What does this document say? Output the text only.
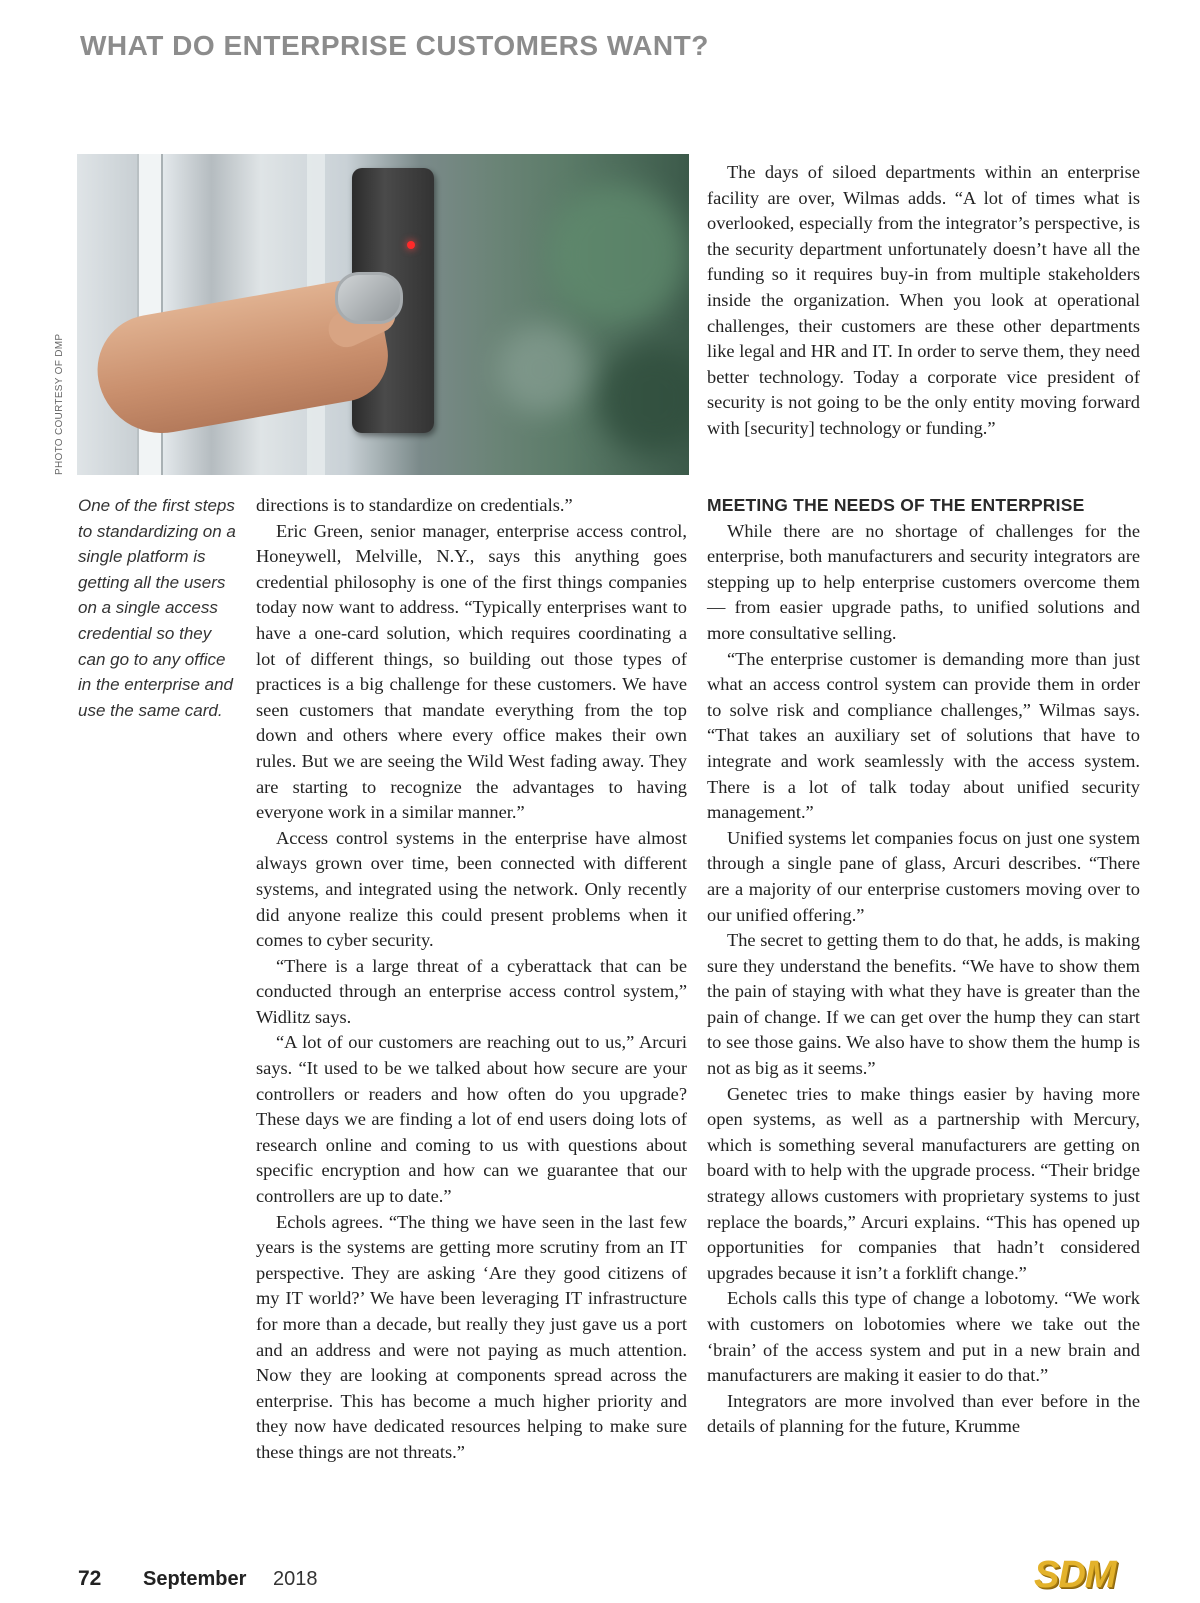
WHAT DO ENTERPRISE CUSTOMERS WANT?
PHOTO COURTESY OF DMP
One of the first steps to standardizing on a single platform is getting all the users on a single access credential so they can go to any office in the enterprise and use the same card.

directions is to standardize on credentials.”

Eric Green, senior manager, enterprise access control, Honeywell, Melville, N.Y., says this anything goes credential philosophy is one of the first things companies today now want to address. “Typically enterprises want to have a one-card solution, which requires coordinating a lot of different things, so building out those types of practices is a big challenge for these customers. We have seen customers that mandate everything from the top down and others where every office makes their own rules. But we are seeing the Wild West fading away. They are starting to recognize the advantages to having everyone work in a similar manner.”

Access control systems in the enterprise have almost always grown over time, been connected with different systems, and integrated using the network. Only recently did anyone realize this could present problems when it comes to cyber security.

“There is a large threat of a cyberattack that can be conducted through an enterprise access control system,” Widlitz says.

“A lot of our customers are reaching out to us,” Arcuri says. “It used to be we talked about how secure are your controllers or readers and how often do you upgrade? These days we are finding a lot of end users doing lots of research online and coming to us with questions about specific encryption and how can we guarantee that our controllers are up to date.”

Echols agrees. “The thing we have seen in the last few years is the systems are getting more scrutiny from an IT perspective. They are asking ‘Are they good citizens of my IT world?’ We have been leveraging IT infrastructure for more than a decade, but really they just gave us a port and an address and were not paying as much attention. Now they are looking at components spread across the enterprise. This has become a much higher priority and they now have dedicated resources helping to make sure these things are not threats.”

The days of siloed departments within an enterprise facility are over, Wilmas adds. “A lot of times what is overlooked, especially from the integrator’s perspective, is the security department unfortunately doesn’t have all the funding so it requires buy-in from multiple stakeholders inside the organization. When you look at operational challenges, their customers are these other departments like legal and HR and IT. In order to serve them, they need better technology. Today a corporate vice president of security is not going to be the only entity moving forward with [security] technology or funding.”

MEETING THE NEEDS OF THE ENTERPRISE

While there are no shortage of challenges for the enterprise, both manufacturers and security integrators are stepping up to help enterprise customers overcome them — from easier upgrade paths, to unified solutions and more consultative selling.

“The enterprise customer is demanding more than just what an access control system can provide them in order to solve risk and compliance challenges,” Wilmas says. “That takes an auxiliary set of solutions that have to integrate and work seamlessly with the access system. There is a lot of talk today about unified security management.”

Unified systems let companies focus on just one system through a single pane of glass, Arcuri describes. “There are a majority of our enterprise customers moving over to our unified offering.”

The secret to getting them to do that, he adds, is making sure they understand the benefits. “We have to show them the pain of staying with what they have is greater than the pain of change. If we can get over the hump they can start to see those gains. We also have to show them the hump is not as big as it seems.”

Genetec tries to make things easier by having more open systems, as well as a partnership with Mercury, which is something several manufacturers are getting on board with to help with the upgrade process. “Their bridge strategy allows customers with proprietary systems to just replace the boards,” Arcuri explains. “This has opened up opportunities for companies that hadn’t considered upgrades because it isn’t a forklift change.”

Echols calls this type of change a lobotomy. “We work with customers on lobotomies where we take out the ‘brain’ of the access system and put in a new brain and manufacturers are making it easier to do that.”

Integrators are more involved than ever before in the details of planning for the future, Krumme

72 September 2018	SDM
